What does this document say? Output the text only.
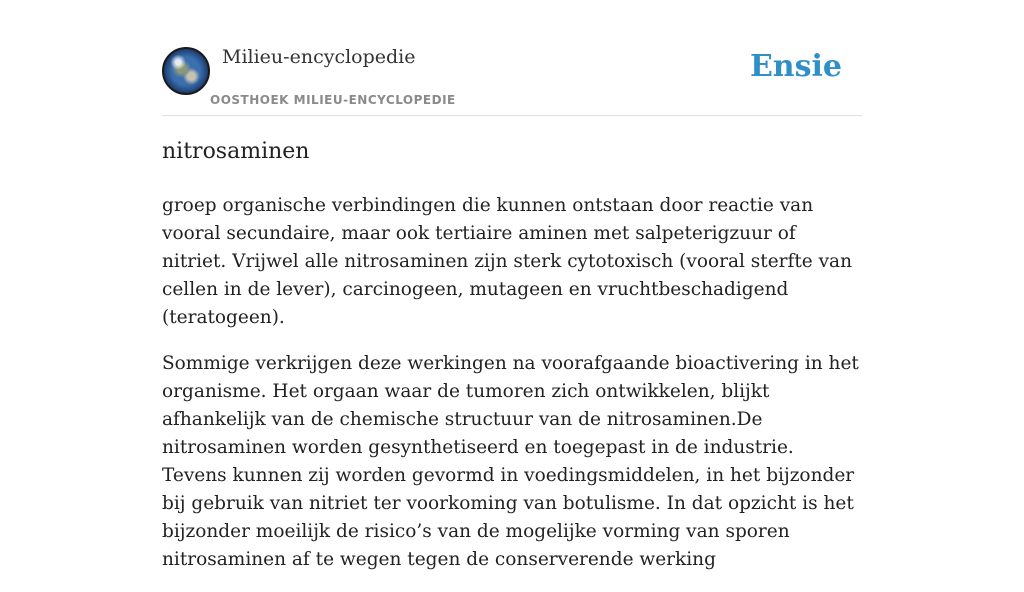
Milieu-encyclopedie
OOSTHOEK MILIEU-ENCYCLOPEDIE
Ensie
nitrosaminen

groep organische verbindingen die kunnen ontstaan door reactie van vooral secundaire, maar ook tertiaire aminen met salpeterigzuur of nitriet. Vrijwel alle nitrosaminen zijn sterk cytotoxisch (vooral sterfte van cellen in de lever), carcinogeen, mutageen en vruchtbeschadigend (teratogeen).

Sommige verkrijgen deze werkingen na voorafgaande bioactivering in het organisme. Het orgaan waar de tumoren zich ontwikkelen, blijkt afhankelijk van de chemische structuur van de nitrosaminen.De nitrosaminen worden gesynthetiseerd en toegepast in de industrie. Tevens kunnen zij worden gevormd in voedingsmiddelen, in het bijzonder bij gebruik van nitriet ter voorkoming van botulisme. In dat opzicht is het bijzonder moeilijk de risico’s van de mogelijke vorming van sporen nitrosaminen af te wegen tegen de conserverende werking
